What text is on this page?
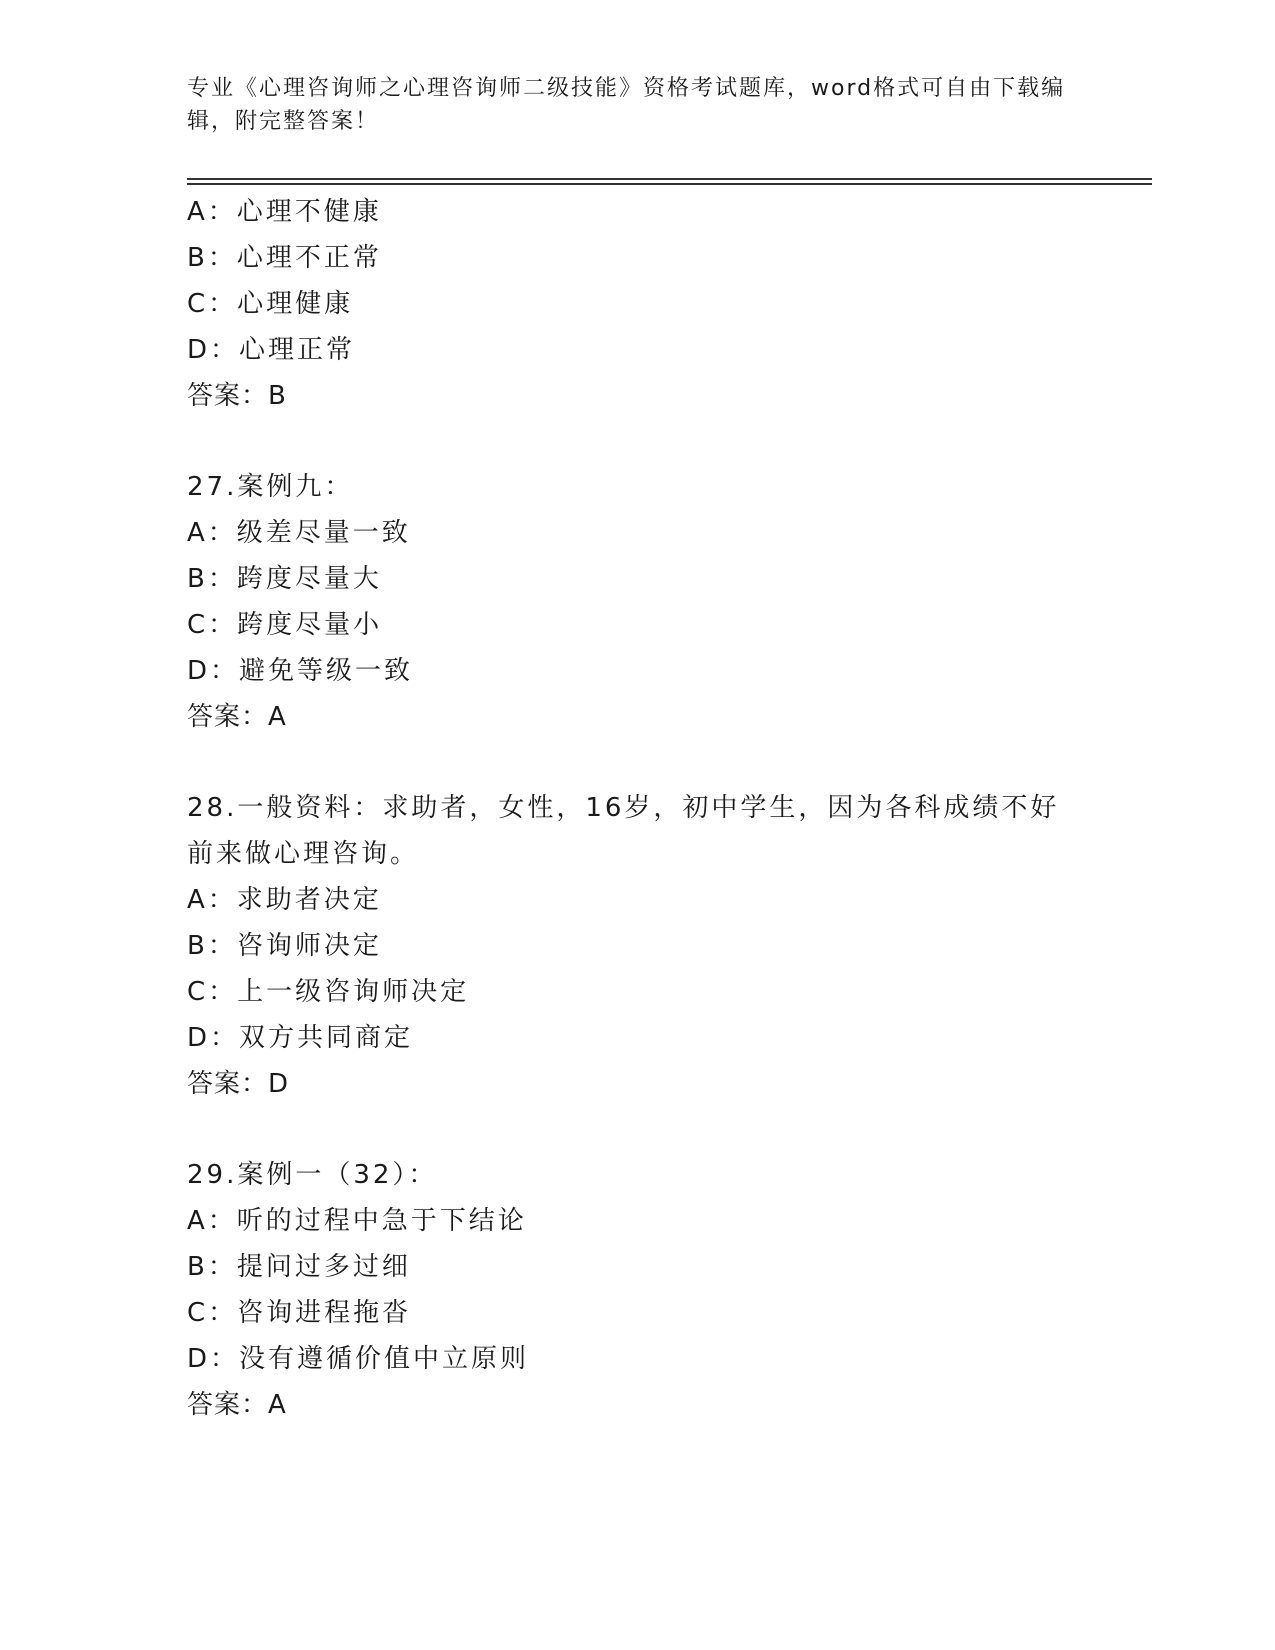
专业《心理咨询师之心理咨询师二级技能》资格考试题库，word格式可自由下载编辑，附完整答案！
A：心理不健康
B：心理不正常
C：心理健康
D：心理正常
答案：B
27.案例九：
A：级差尽量一致
B：跨度尽量大
C：跨度尽量小
D：避免等级一致
答案：A
28.一般资料：求助者，女性，16岁，初中学生，因为各科成绩不好前来做心理咨询。
A：求助者决定
B：咨询师决定
C：上一级咨询师决定
D：双方共同商定
答案：D
29.案例一（32）：
A：听的过程中急于下结论
B：提问过多过细
C：咨询进程拖沓
D：没有遵循价值中立原则
答案：A
